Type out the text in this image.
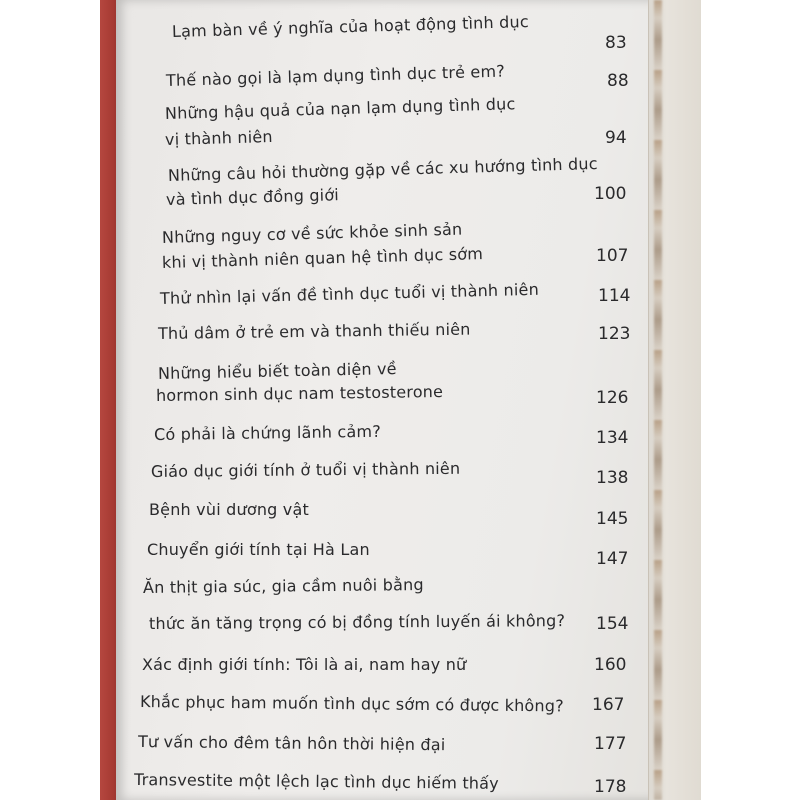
Lạm bàn về ý nghĩa của hoạt động tình dục
83
Thế nào gọi là lạm dụng tình dục trẻ em?	88
Những hậu quả của nạn lạm dụng tình dục
vị thành niên	94
Những câu hỏi thường gặp về các xu hướng tình dục
và tình dục đồng giới	100
Những nguy cơ về sức khỏe sinh sản
khi vị thành niên quan hệ tình dục sớm	107
Thử nhìn lại vấn đề tình dục tuổi vị thành niên	114
Thủ dâm ở trẻ em và thanh thiếu niên	123
Những hiểu biết toàn diện về
hormon sinh dục nam testosterone	126
Có phải là chứng lãnh cảm?	134
Giáo dục giới tính ở tuổi vị thành niên	138
Bệnh vùi dương vật	145
Chuyển giới tính tại Hà Lan	147
Ăn thịt gia súc, gia cầm nuôi bằng
thức ăn tăng trọng có bị đồng tính luyến ái không? 154
Xác định giới tính: Tôi là ai, nam hay nữ	160
Khắc phục ham muốn tình dục sớm có được không? 167
Tư vấn cho đêm tân hôn thời hiện đại	177
Transvestite một lệch lạc tình dục hiếm thấy	178
